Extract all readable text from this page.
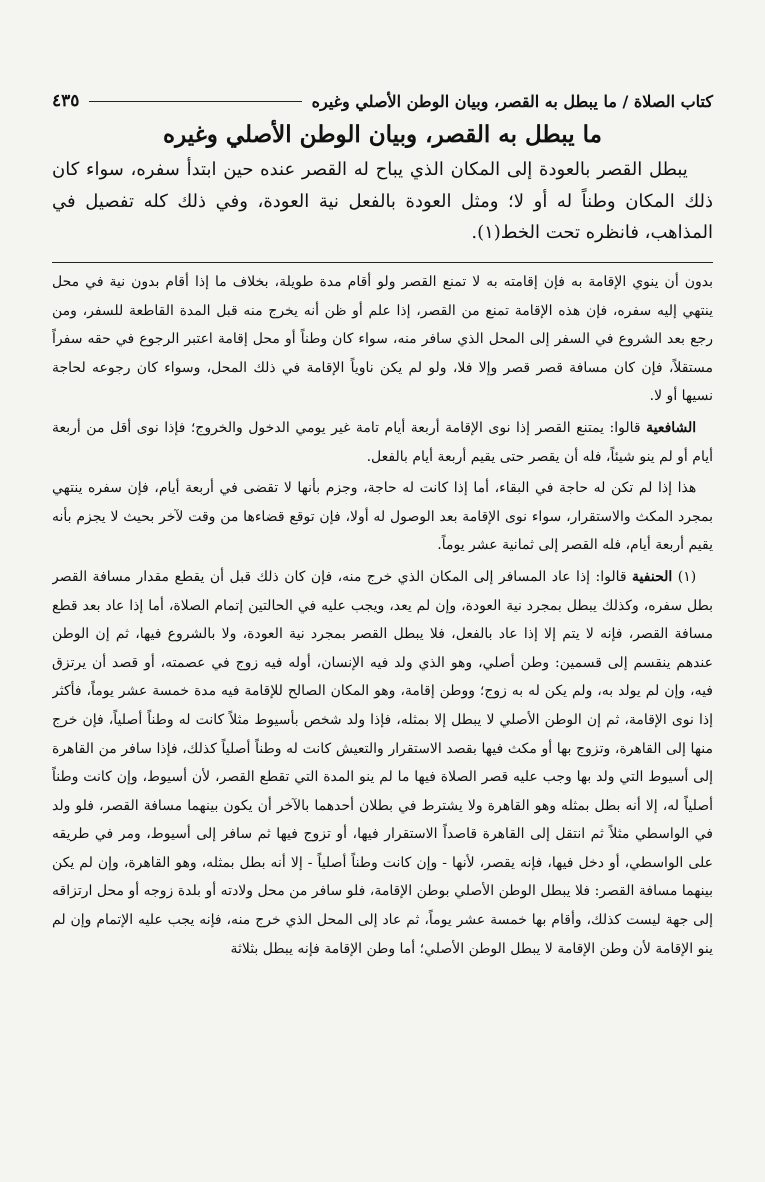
كتاب الصلاة / ما يبطل به القصر، وبيان الوطن الأصلي وغيره
٤٣٥
ما يبطل به القصر، وبيان الوطن الأصلي وغيره

يبطل القصر بالعودة إلى المكان الذي يباح له القصر عنده حين ابتدأ سفره، سواء كان ذلك المكان وطناً له أو لا؛ ومثل العودة بالفعل نية العودة، وفي ذلك كله تفصيل في المذاهب، فانظره تحت الخط(١).

بدون أن ينوي الإقامة به فإن إقامته به لا تمنع القصر ولو أقام مدة طويلة، بخلاف ما إذا أقام بدون نية في محل ينتهي إليه سفره، فإن هذه الإقامة تمنع من القصر، إذا علم أو ظن أنه يخرج منه قبل المدة القاطعة للسفر، ومن رجع بعد الشروع في السفر إلى المحل الذي سافر منه، سواء كان وطناً أو محل إقامة اعتبر الرجوع في حقه سفراً مستقلاً، فإن كان مسافة قصر قصر وإلا فلا، ولو لم يكن ناوياً الإقامة في ذلك المحل، وسواء كان رجوعه لحاجة نسيها أو لا.

الشافعية قالوا: يمتنع القصر إذا نوى الإقامة أربعة أيام تامة غير يومي الدخول والخروج؛ فإذا نوى أقل من أربعة أيام أو لم ينو شيئاً، فله أن يقصر حتى يقيم أربعة أيام بالفعل.

هذا إذا لم تكن له حاجة في البقاء، أما إذا كانت له حاجة، وجزم بأنها لا تقضى في أربعة أيام، فإن سفره ينتهي بمجرد المكث والاستقرار، سواء نوى الإقامة بعد الوصول له أولا، فإن توقع قضاءها من وقت لآخر بحيث لا يجزم بأنه يقيم أربعة أيام، فله القصر إلى ثمانية عشر يوماً.

(١) الحنفية قالوا: إذا عاد المسافر إلى المكان الذي خرج منه، فإن كان ذلك قبل أن يقطع مقدار مسافة القصر بطل سفره، وكذلك يبطل بمجرد نية العودة، وإن لم يعد، ويجب عليه في الحالتين إتمام الصلاة، أما إذا عاد بعد قطع مسافة القصر، فإنه لا يتم إلا إذا عاد بالفعل، فلا يبطل القصر بمجرد نية العودة، ولا بالشروع فيها، ثم إن الوطن عندهم ينقسم إلى قسمين: وطن أصلي، وهو الذي ولد فيه الإنسان، أوله فيه زوج في عصمته، أو قصد أن يرتزق فيه، وإن لم يولد به، ولم يكن له به زوج؛ ووطن إقامة، وهو المكان الصالح للإقامة فيه مدة خمسة عشر يوماً، فأكثر إذا نوى الإقامة، ثم إن الوطن الأصلي لا يبطل إلا بمثله، فإذا ولد شخص بأسيوط مثلاً كانت له وطناً أصلياً، فإن خرج منها إلى القاهرة، وتزوج بها أو مكث فيها بقصد الاستقرار والتعيش كانت له وطناً أصلياً كذلك، فإذا سافر من القاهرة إلى أسيوط التي ولد بها وجب عليه قصر الصلاة فيها ما لم ينو المدة التي تقطع القصر، لأن أسيوط، وإن كانت وطناً أصلياً له، إلا أنه بطل بمثله وهو القاهرة ولا يشترط في بطلان أحدهما بالآخر أن يكون بينهما مسافة القصر، فلو ولد في الواسطي مثلاً ثم انتقل إلى القاهرة قاصداً الاستقرار فيها، أو تزوج فيها ثم سافر إلى أسيوط، ومر في طريقه على الواسطي، أو دخل فيها، فإنه يقصر، لأنها - وإن كانت وطناً أصلياً - إلا أنه بطل بمثله، وهو القاهرة، وإن لم يكن بينهما مسافة القصر: فلا يبطل الوطن الأصلي بوطن الإقامة، فلو سافر من محل ولادته أو بلدة زوجه أو محل ارتزاقه إلى جهة ليست كذلك، وأقام بها خمسة عشر يوماً، ثم عاد إلى المحل الذي خرج منه، فإنه يجب عليه الإتمام وإن لم ينو الإقامة لأن وطن الإقامة لا يبطل الوطن الأصلي؛ أما وطن الإقامة فإنه يبطل بثلاثة
